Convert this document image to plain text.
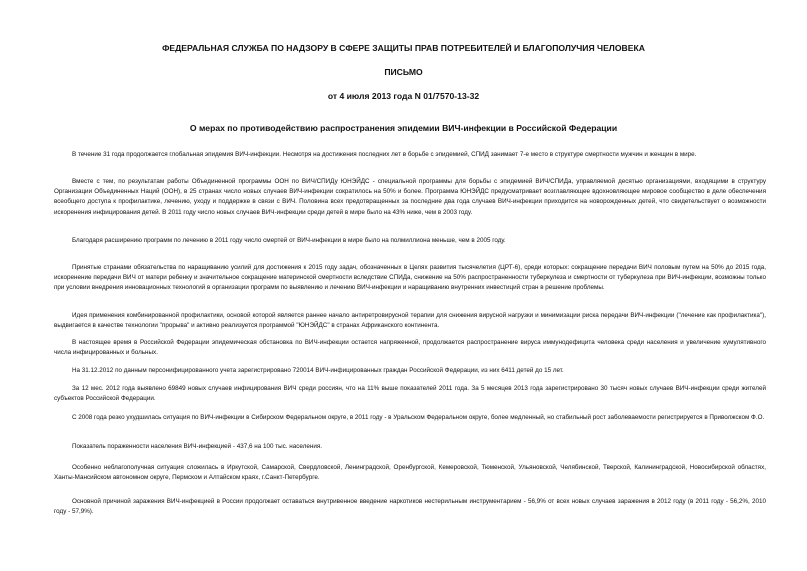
ФЕДЕРАЛЬНАЯ СЛУЖБА ПО НАДЗОРУ В СФЕРЕ ЗАЩИТЫ ПРАВ ПОТРЕБИТЕЛЕЙ И БЛАГОПОЛУЧИЯ ЧЕЛОВЕКА
ПИСЬМО
от 4 июля 2013 года N 01/7570-13-32
О мерах по противодействию распространения эпидемии ВИЧ-инфекции в Российской Федерации

В течение 31 года продолжается глобальная эпидемия ВИЧ-инфекции. Несмотря на достижения последних лет в борьбе с эпидемией, СПИД занимает 7-е место в структуре смертности мужчин и женщин в мире.

Вместе с тем, по результатам работы Объединенной программы ООН по ВИЧ/СПИДу ЮНЭЙДС - специальной программы для борьбы с эпидемией ВИЧ/СПИДа, управляемой десятью организациями, входящими в структуру Организации Объединенных Наций (ООН), в 25 странах число новых случаев ВИЧ-инфекции сократилось на 50% и более. Программа ЮНЭЙДС предусматривает возглавляющее вдохновляющее мировое сообщество в деле обеспечения всеобщего доступа к профилактике, лечению, уходу и поддержке в связи с ВИЧ. Половина всех предотвращенных за последние два года случаев ВИЧ-инфекции приходится на новорожденных детей, что свидетельствует о возможности искоренения инфицирования детей. В 2011 году число новых случаев ВИЧ-инфекции среди детей в мире было на 43% ниже, чем в 2003 году.

Благодаря расширению программ по лечению в 2011 году число смертей от ВИЧ-инфекции в мире было на полмиллиона меньше, чем в 2005 году.

Принятые странами обязательства по наращиванию усилий для достижения к 2015 году задач, обозначенных в Целях развития тысячелетия (ЦРТ-6), среди которых: сокращение передачи ВИЧ половым путем на 50% до 2015 года, искоренение передачи ВИЧ от матери ребенку и значительное сокращение материнской смертности вследствие СПИДа, снижение на 50% распространенности туберкулеза и смертности от туберкулеза при ВИЧ-инфекции, возможны только при условии внедрения инновационных технологий в организации программ по выявлению и лечению ВИЧ-инфекции и наращиванию внутренних инвестиций стран в решение проблемы.

Идея применения комбинированной профилактики, основой которой является раннее начало антиретровирусной терапии для снижения вирусной нагрузки и минимизации риска передачи ВИЧ-инфекции ("лечение как профилактика"), выдвигается в качестве технологии "прорыва" и активно реализуется программой "ЮНЭЙДС" в странах Африканского континента.

В настоящее время в Российской Федерации эпидемическая обстановка по ВИЧ-инфекции остается напряженной, продолжается распространение вируса иммунодефицита человека среди населения и увеличение кумулятивного числа инфицированных и больных.

На 31.12.2012 по данным персонифицированного учета зарегистрировано 720014 ВИЧ-инфицированных граждан Российской Федерации, из них 6411 детей до 15 лет.

За 12 мес. 2012 года выявлено 69849 новых случаев инфицирования ВИЧ среди россиян, что на 11% выше показателей 2011 года. За 5 месяцев 2013 года зарегистрировано 30 тысяч новых случаев ВИЧ-инфекции среди жителей субъектов Российской Федерации.

С 2008 года резко ухудшилась ситуация по ВИЧ-инфекции в Сибирском Федеральном округе, в 2011 году - в Уральском Федеральном округе, более медленный, но стабильный рост заболеваемости регистрируется в Приволжском Ф.О.

Показатель пораженности населения ВИЧ-инфекцией - 437,6 на 100 тыс. населения.

Особенно неблагополучная ситуация сложилась в Иркутской, Самарской, Свердловской, Ленинградской, Оренбургской, Кемеровской, Тюменской, Ульяновской, Челябинской, Тверской, Калининградской, Новосибирской областях, Ханты-Мансийском автономном округе, Пермском и Алтайском краях, г.Санкт-Петербурге.

Основной причиной заражения ВИЧ-инфекцией в России продолжает оставаться внутривенное введение наркотиков нестерильным инструментарием - 56,9% от всех новых случаев заражения в 2012 году (в 2011 году - 56,2%, 2010 году - 57,9%).
